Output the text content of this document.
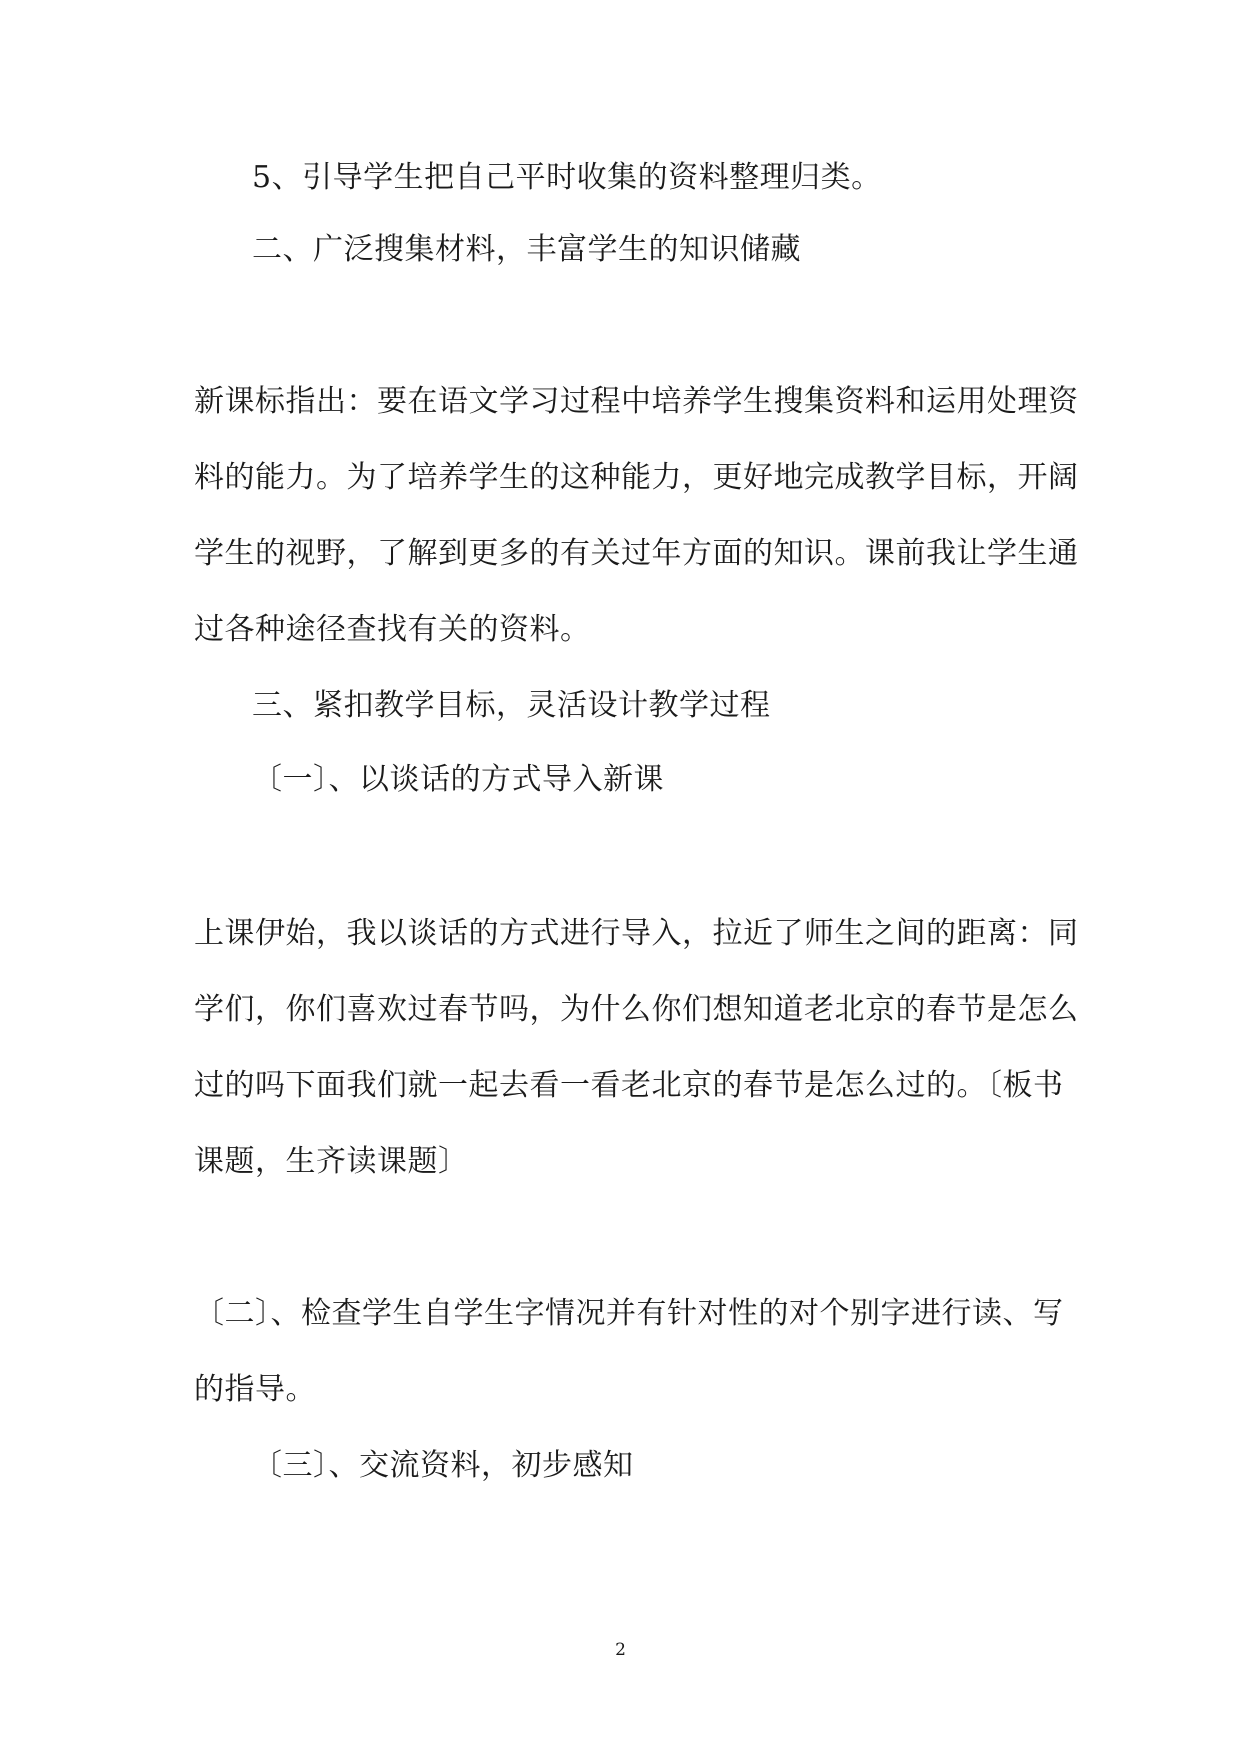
5、引导学生把自己平时收集的资料整理归类。
二、广泛搜集材料，丰富学生的知识储藏
新课标指出：要在语文学习过程中培养学生搜集资料和运用处理资
料的能力。为了培养学生的这种能力，更好地完成教学目标，开阔
学生的视野，了解到更多的有关过年方面的知识。课前我让学生通
过各种途径查找有关的资料。
三、紧扣教学目标，灵活设计教学过程
〔一〕、以谈话的方式导入新课
上课伊始，我以谈话的方式进行导入，拉近了师生之间的距离：同
学们，你们喜欢过春节吗，为什么你们想知道老北京的春节是怎么
过的吗下面我们就一起去看一看老北京的春节是怎么过的。〔板书
课题，生齐读课题〕
〔二〕、检查学生自学生字情况并有针对性的对个别字进行读、写
的指导。
〔三〕、交流资料，初步感知
2
